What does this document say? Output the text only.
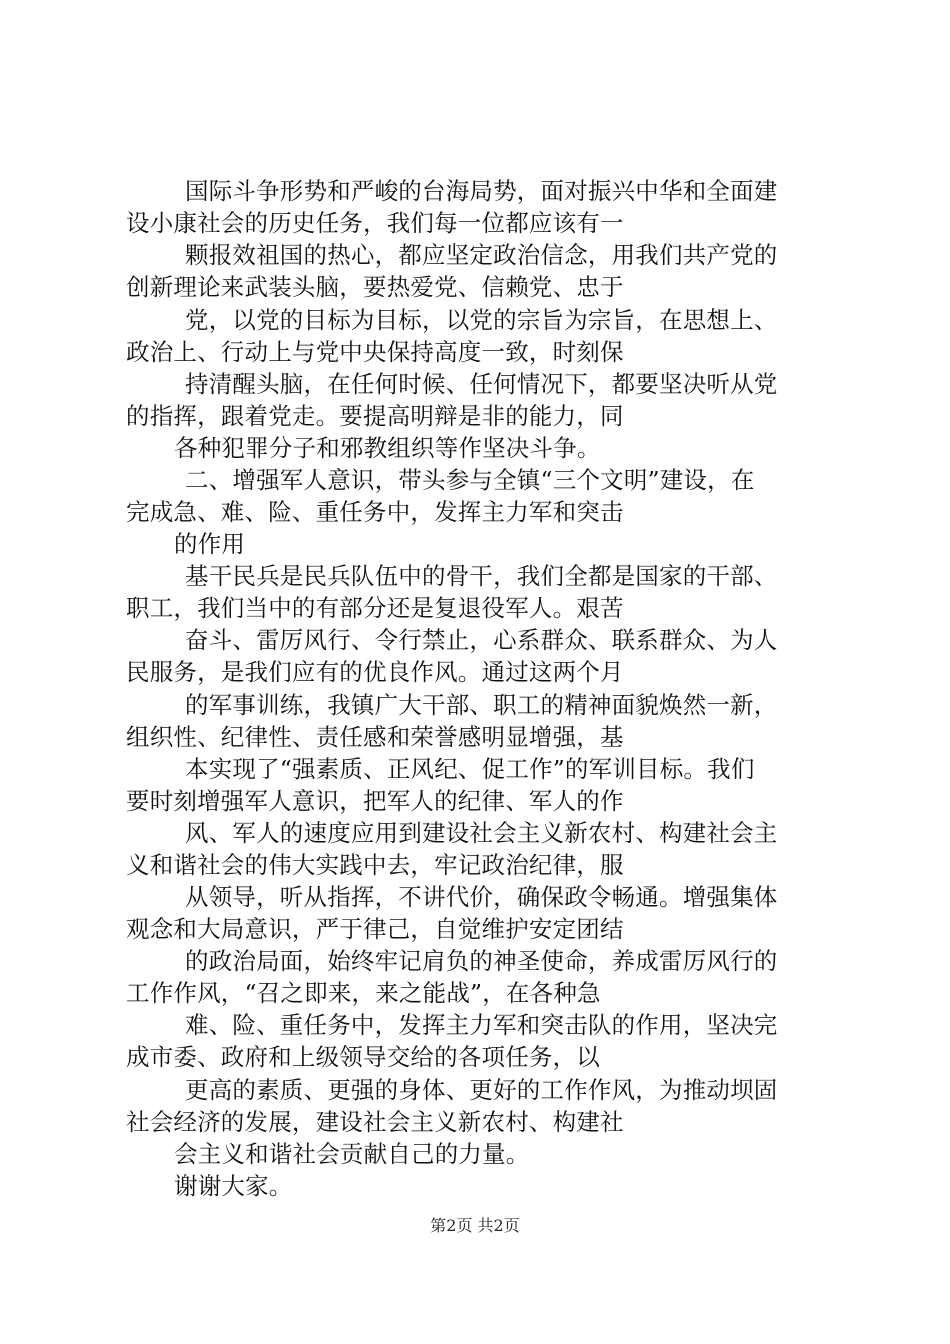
国际斗争形势和严峻的台海局势，面对振兴中华和全面建
设小康社会的历史任务，我们每一位都应该有一
颗报效祖国的热心，都应坚定政治信念，用我们共产党的
创新理论来武装头脑，要热爱党、信赖党、忠于
党，以党的目标为目标，以党的宗旨为宗旨，在思想上、
政治上、行动上与党中央保持高度一致，时刻保
持清醒头脑，在任何时候、任何情况下，都要坚决听从党
的指挥，跟着党走。要提高明辩是非的能力，同
各种犯罪分子和邪教组织等作坚决斗争。
二、增强军人意识，带头参与全镇“三个文明”建设，在
完成急、难、险、重任务中，发挥主力军和突击
的作用
基干民兵是民兵队伍中的骨干，我们全都是国家的干部、
职工，我们当中的有部分还是复退役军人。艰苦
奋斗、雷厉风行、令行禁止，心系群众、联系群众、为人
民服务，是我们应有的优良作风。通过这两个月
的军事训练，我镇广大干部、职工的精神面貌焕然一新，
组织性、纪律性、责任感和荣誉感明显增强，基
本实现了“强素质、正风纪、促工作”的军训目标。我们
要时刻增强军人意识，把军人的纪律、军人的作
风、军人的速度应用到建设社会主义新农村、构建社会主
义和谐社会的伟大实践中去，牢记政治纪律，服
从领导，听从指挥，不讲代价，确保政令畅通。增强集体
观念和大局意识，严于律己，自觉维护安定团结
的政治局面，始终牢记肩负的神圣使命，养成雷厉风行的
工作作风，“召之即来，来之能战”，在各种急
难、险、重任务中，发挥主力军和突击队的作用，坚决完
成市委、政府和上级领导交给的各项任务，以
更高的素质、更强的身体、更好的工作作风，为推动坝固
社会经济的发展，建设社会主义新农村、构建社
会主义和谐社会贡献自己的力量。
谢谢大家。
第2页 共2页
